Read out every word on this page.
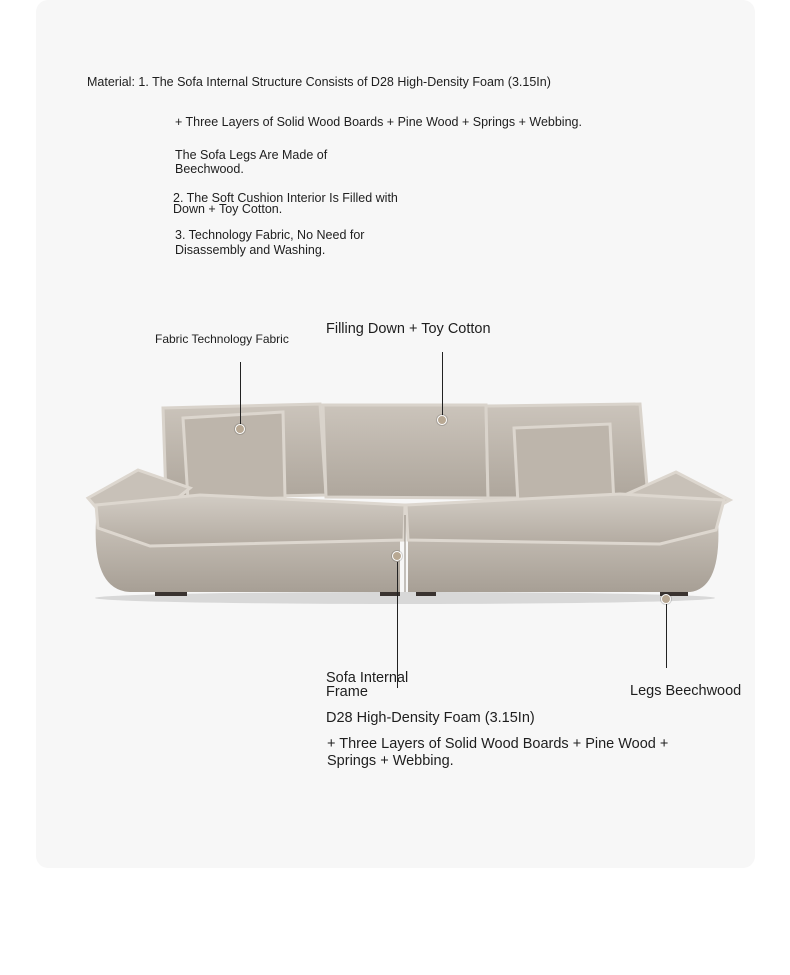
Material: 1. The Sofa Internal Structure Consists of D28 High-Density Foam (3.15In)
+ Three Layers of Solid Wood Boards + Pine Wood + Springs + Webbing.
The Sofa Legs Are Made of
Beechwood.
2. The Soft Cushion Interior Is Filled with
Down + Toy Cotton.
3. Technology Fabric, No Need for
Disassembly and Washing.
Fabric Technology Fabric
Filling Down + Toy Cotton
Sofa Internal
Frame
D28 High-Density Foam (3.15In)
+ Three Layers of Solid Wood Boards + Pine Wood +
Springs + Webbing.
Legs Beechwood
